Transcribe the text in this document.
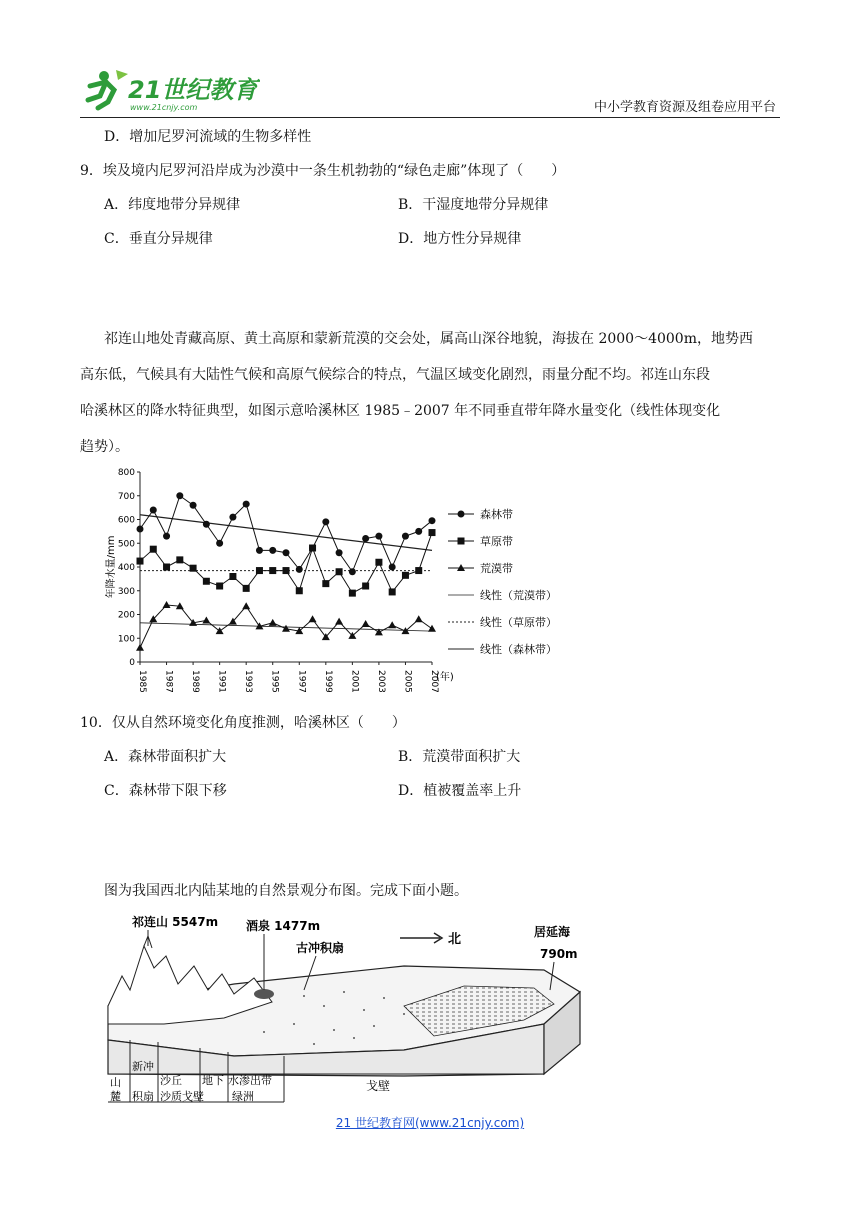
21世纪教育
www.21cnjy.com	中小学教育资源及组卷应用平台
D．增加尼罗河流域的生物多样性
9．埃及境内尼罗河沿岸成为沙漠中一条生机勃勃的“绿色走廊”体现了（　　）
A．纬度地带分异规律	B．干湿度地带分异规律
C．垂直分异规律	D．地方性分异规律
祁连山地处青藏高原、黄土高原和蒙新荒漠的交会处，属高山深谷地貌，海拔在 2000～4000m，地势西
高东低，气候具有大陆性气候和高原气候综合的特点，气温区域变化剧烈，雨量分配不均。祁连山东段
哈溪林区的降水特征典型，如图示意哈溪林区 1985﹣2007 年不同垂直带年降水量变化（线性体现变化
趋势）。
0
100
200
300
400
500
600
700
800
1985 1987 1989 1991 1993 1995 1997 1999 2001 2003 2005 2007
(年)
年降水量/mm
森林带
草原带
荒漠带
线性（荒漠带）
线性（草原带）
线性（森林带）
10．仅从自然环境变化角度推测，哈溪林区（　　）
A．森林带面积扩大	B．荒漠带面积扩大
C．森林带下限下移	D．植被覆盖率上升
图为我国西北内陆某地的自然景观分布图。完成下面小题。
祁连山 5547m 酒泉 1477m
古冲积扇
北	居延海
790m
山
麓
新冲
积扇
沙丘
沙质戈壁
地下 水渗出带
绿洲
戈壁
21 世纪教育网(www.21cnjy.com)
